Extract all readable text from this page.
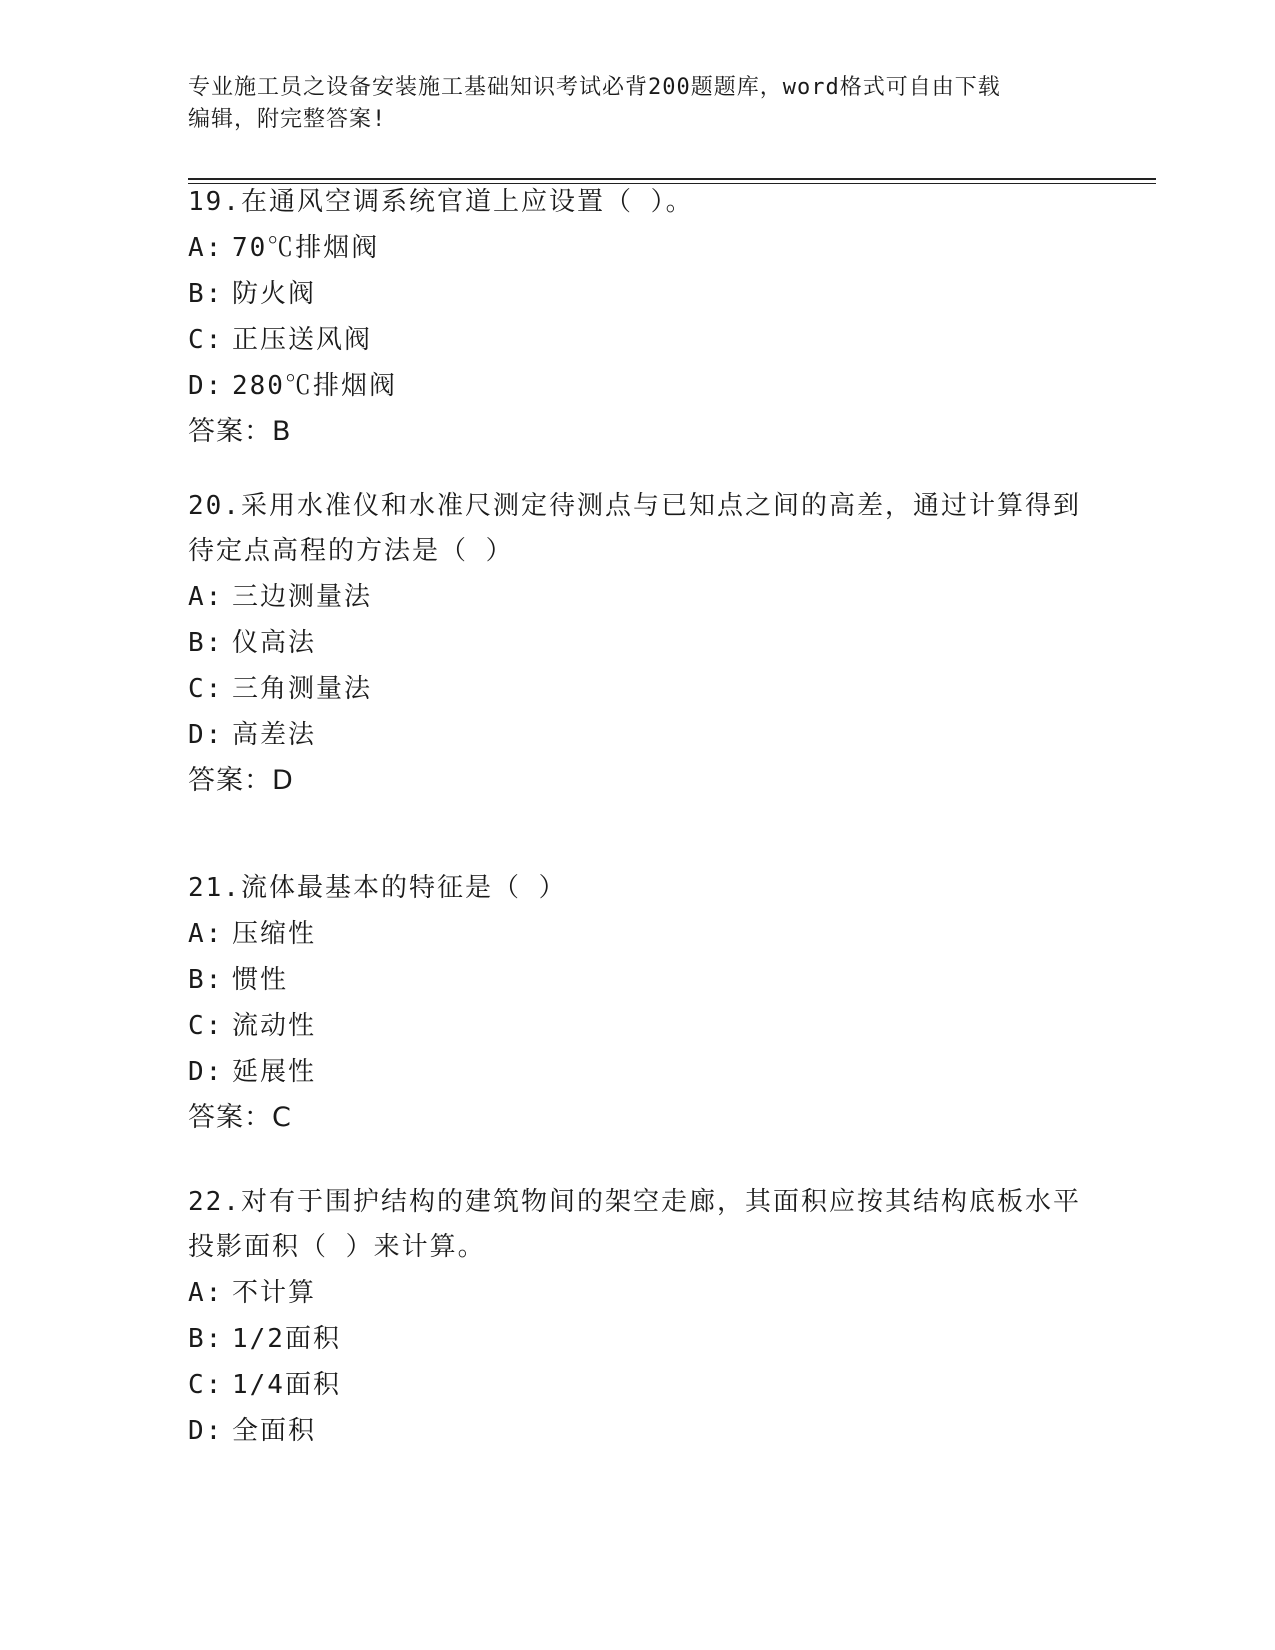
专业施工员之设备安装施工基础知识考试必背200题题库，word格式可自由下载
编辑，附完整答案!

19.在通风空调系统官道上应设置（ ）。

A: 70℃排烟阀
B: 防火阀
C: 正压送风阀
D: 280℃排烟阀
答案：B

20.采用水准仪和水准尺测定待测点与已知点之间的高差，通过计算得到待定点高程的方法是（ ）

A: 三边测量法
B: 仪高法
C: 三角测量法
D: 高差法
答案：D

21.流体最基本的特征是（ ）

A: 压缩性
B: 惯性
C: 流动性
D: 延展性
答案：C

22.对有于围护结构的建筑物间的架空走廊，其面积应按其结构底板水平投影面积（ ）来计算。

A: 不计算
B: 1/2面积
C: 1/4面积
D: 全面积
